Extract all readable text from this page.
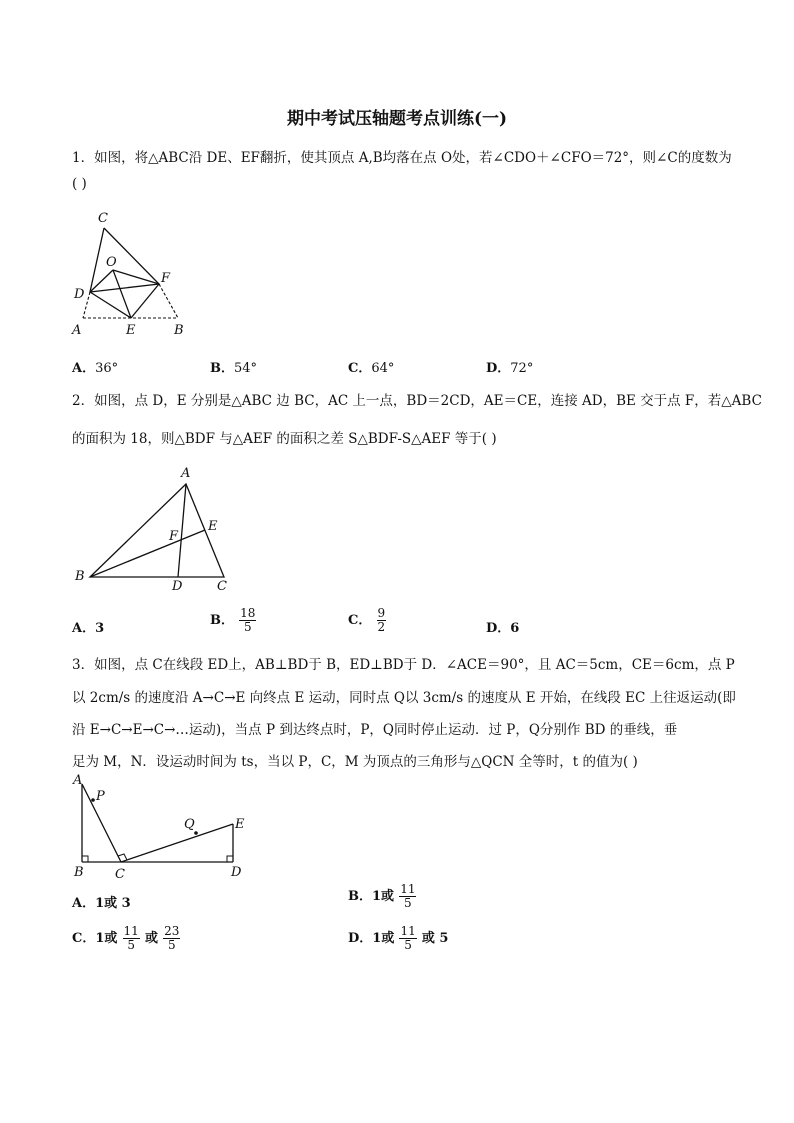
期中考试压轴题考点训练(一)
1．如图，将△ABC沿 DE、EF翻折，使其顶点 A,B均落在点 O处，若∠CDO＋∠CFO＝72°，则∠C的度数为
( )
C
O
F
D
A	E	B
A．36°	B．54°	C．64°	D．72°
2．如图，点 D，E 分别是△ABC 边 BC，AC 上一点，BD＝2CD，AE＝CE，连接 AD，BE 交于点 F，若△ABC
的面积为 18，则△BDF 与△AEF 的面积之差 S△BDF-S△AEF 等于( )
A
F
E
B
D	C
A．3
B． $\frac{18}{5}$	C． $\frac{9}{2}$	D．6
3．如图，点 C在线段 ED上，AB⊥BD于 B，ED⊥BD于 D．∠ACE＝90°，且 AC＝5cm，CE＝6cm，点 P
以 2cm/s 的速度沿 A→C→E 向终点 E 运动，同时点 Q以 3cm/s 的速度从 E 开始，在线段 EC 上往返运动(即
沿 E→C→E→C→…运动)，当点 P 到达终点时，P，Q同时停止运动．过 P，Q分别作 BD 的垂线，垂
足为 M，N．设运动时间为 ts，当以 P，C，M 为顶点的三角形与△QCN 全等时，t 的值为( )
A
P
Q	E
B C	D
A．1或 3	B．1或 $\frac{11}{5}$
C．1或 $\frac{11}{5}$ 或 $\frac{23}{5}$	D．1或 $\frac{11}{5}$ 或 5
